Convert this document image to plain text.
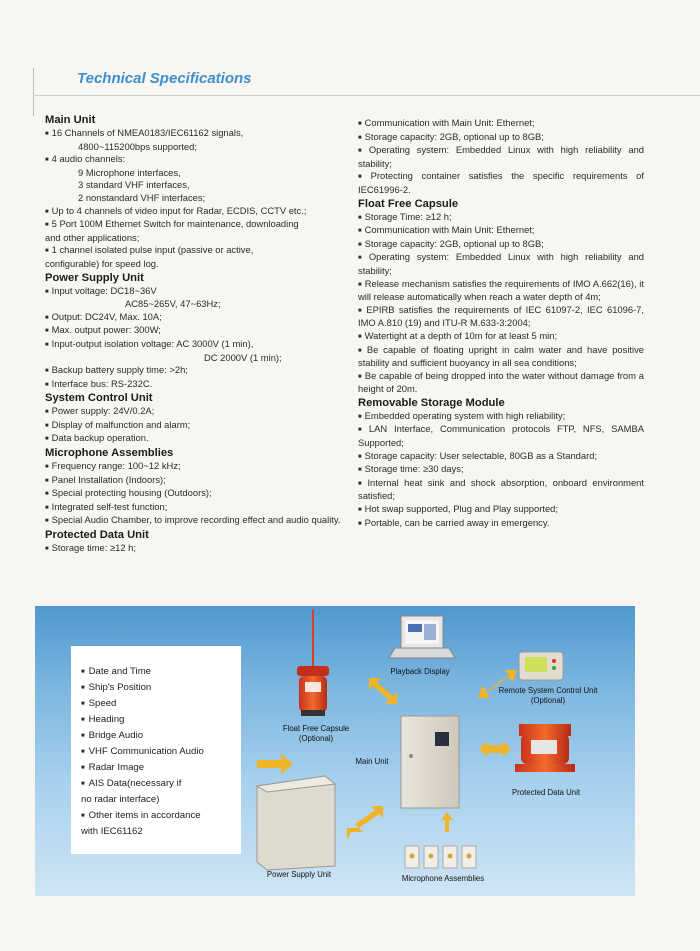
Technical Specifications
Main Unit

■ 16 Channels of NMEA0183/IEC61162 signals,

4800~115200bps supported;

■ 4 audio channels:

9 Microphone interfaces,

3 standard VHF interfaces,

2 nonstandard VHF interfaces;

■ Up to 4 channels of video input for Radar, ECDIS, CCTV etc.;

■ 5 Port 100M Ethernet Switch for maintenance, downloading

and other applications;

■ 1 channel isolated pulse input (passive or active,

configurable) for speed log.

Power Supply Unit

■ Input voltage: DC18~36V

AC85~265V, 47~63Hz;

■ Output: DC24V, Max. 10A;

■ Max. output power: 300W;

■ Input-output isolation voltage: AC 3000V (1 min),

DC 2000V (1 min);

■ Backup battery supply time: >2h;

■ Interface bus: RS-232C.

System Control Unit

■ Power supply: 24V/0.2A;

■ Display of malfunction and alarm;

■ Data backup operation.

Microphone Assemblies

■ Frequency range: 100~12 kHz;

■ Panel Installation (Indoors);

■ Special protecting housing (Outdoors);

■ Integrated self-test function;

■ Special Audio Chamber, to improve recording effect and audio quality.

Protected Data Unit

■ Storage time: ≥12 h;

■ Communication with Main Unit: Ethernet;

■ Storage capacity: 2GB, optional up to 8GB;

■ Operating system: Embedded Linux with high reliability and stability;

■ Protecting container satisfies the specific requirements of IEC61996-2.

Float Free Capsule

■ Storage Time: ≥12 h;

■ Communication with Main Unit: Ethernet;

■ Storage capacity: 2GB, optional up to 8GB;

■ Operating system: Embedded Linux with high reliability and stability;

■ Release mechanism satisfies the requirements of IMO A.662(16), it will release automatically when reach a water depth of 4m;

■ EPIRB satisfies the requirements of IEC 61097-2, IEC 61096-7, IMO A.810 (19) and ITU-R M.633-3:2004;

■ Watertight at a depth of 10m for at least 5 min;

■ Be capable of floating upright in calm water and have positive stability and sufficient buoyancy in all sea conditions;

■ Be capable of being dropped into the water without damage from a height of 20m.

Removable Storage Module

■ Embedded operating system with high reliability;

■ LAN Interface, Communication protocols FTP, NFS, SAMBA Supported;

■ Storage capacity: User selectable, 80GB as a Standard;

■ Storage time: ≥30 days;

■ Internal heat sink and shock absorption, onboard environment satisfied;

■ Hot swap supported, Plug and Play supported;

■ Portable, can be carried away in emergency.

■ Date and Time
■ Ship's Position
■ Speed
■ Heading
■ Bridge Audio
■ VHF Communication Audio
■ Radar Image
■ AIS Data(necessary if
no radar interface)
■ Other items in accordance
with IEC61162
Float Free Capsule
(Optional)
Playback Display
Remote System Control Unit
(Optional)
Main Unit
Protected Data Unit
Power Supply Unit	Microphone Assemblies
